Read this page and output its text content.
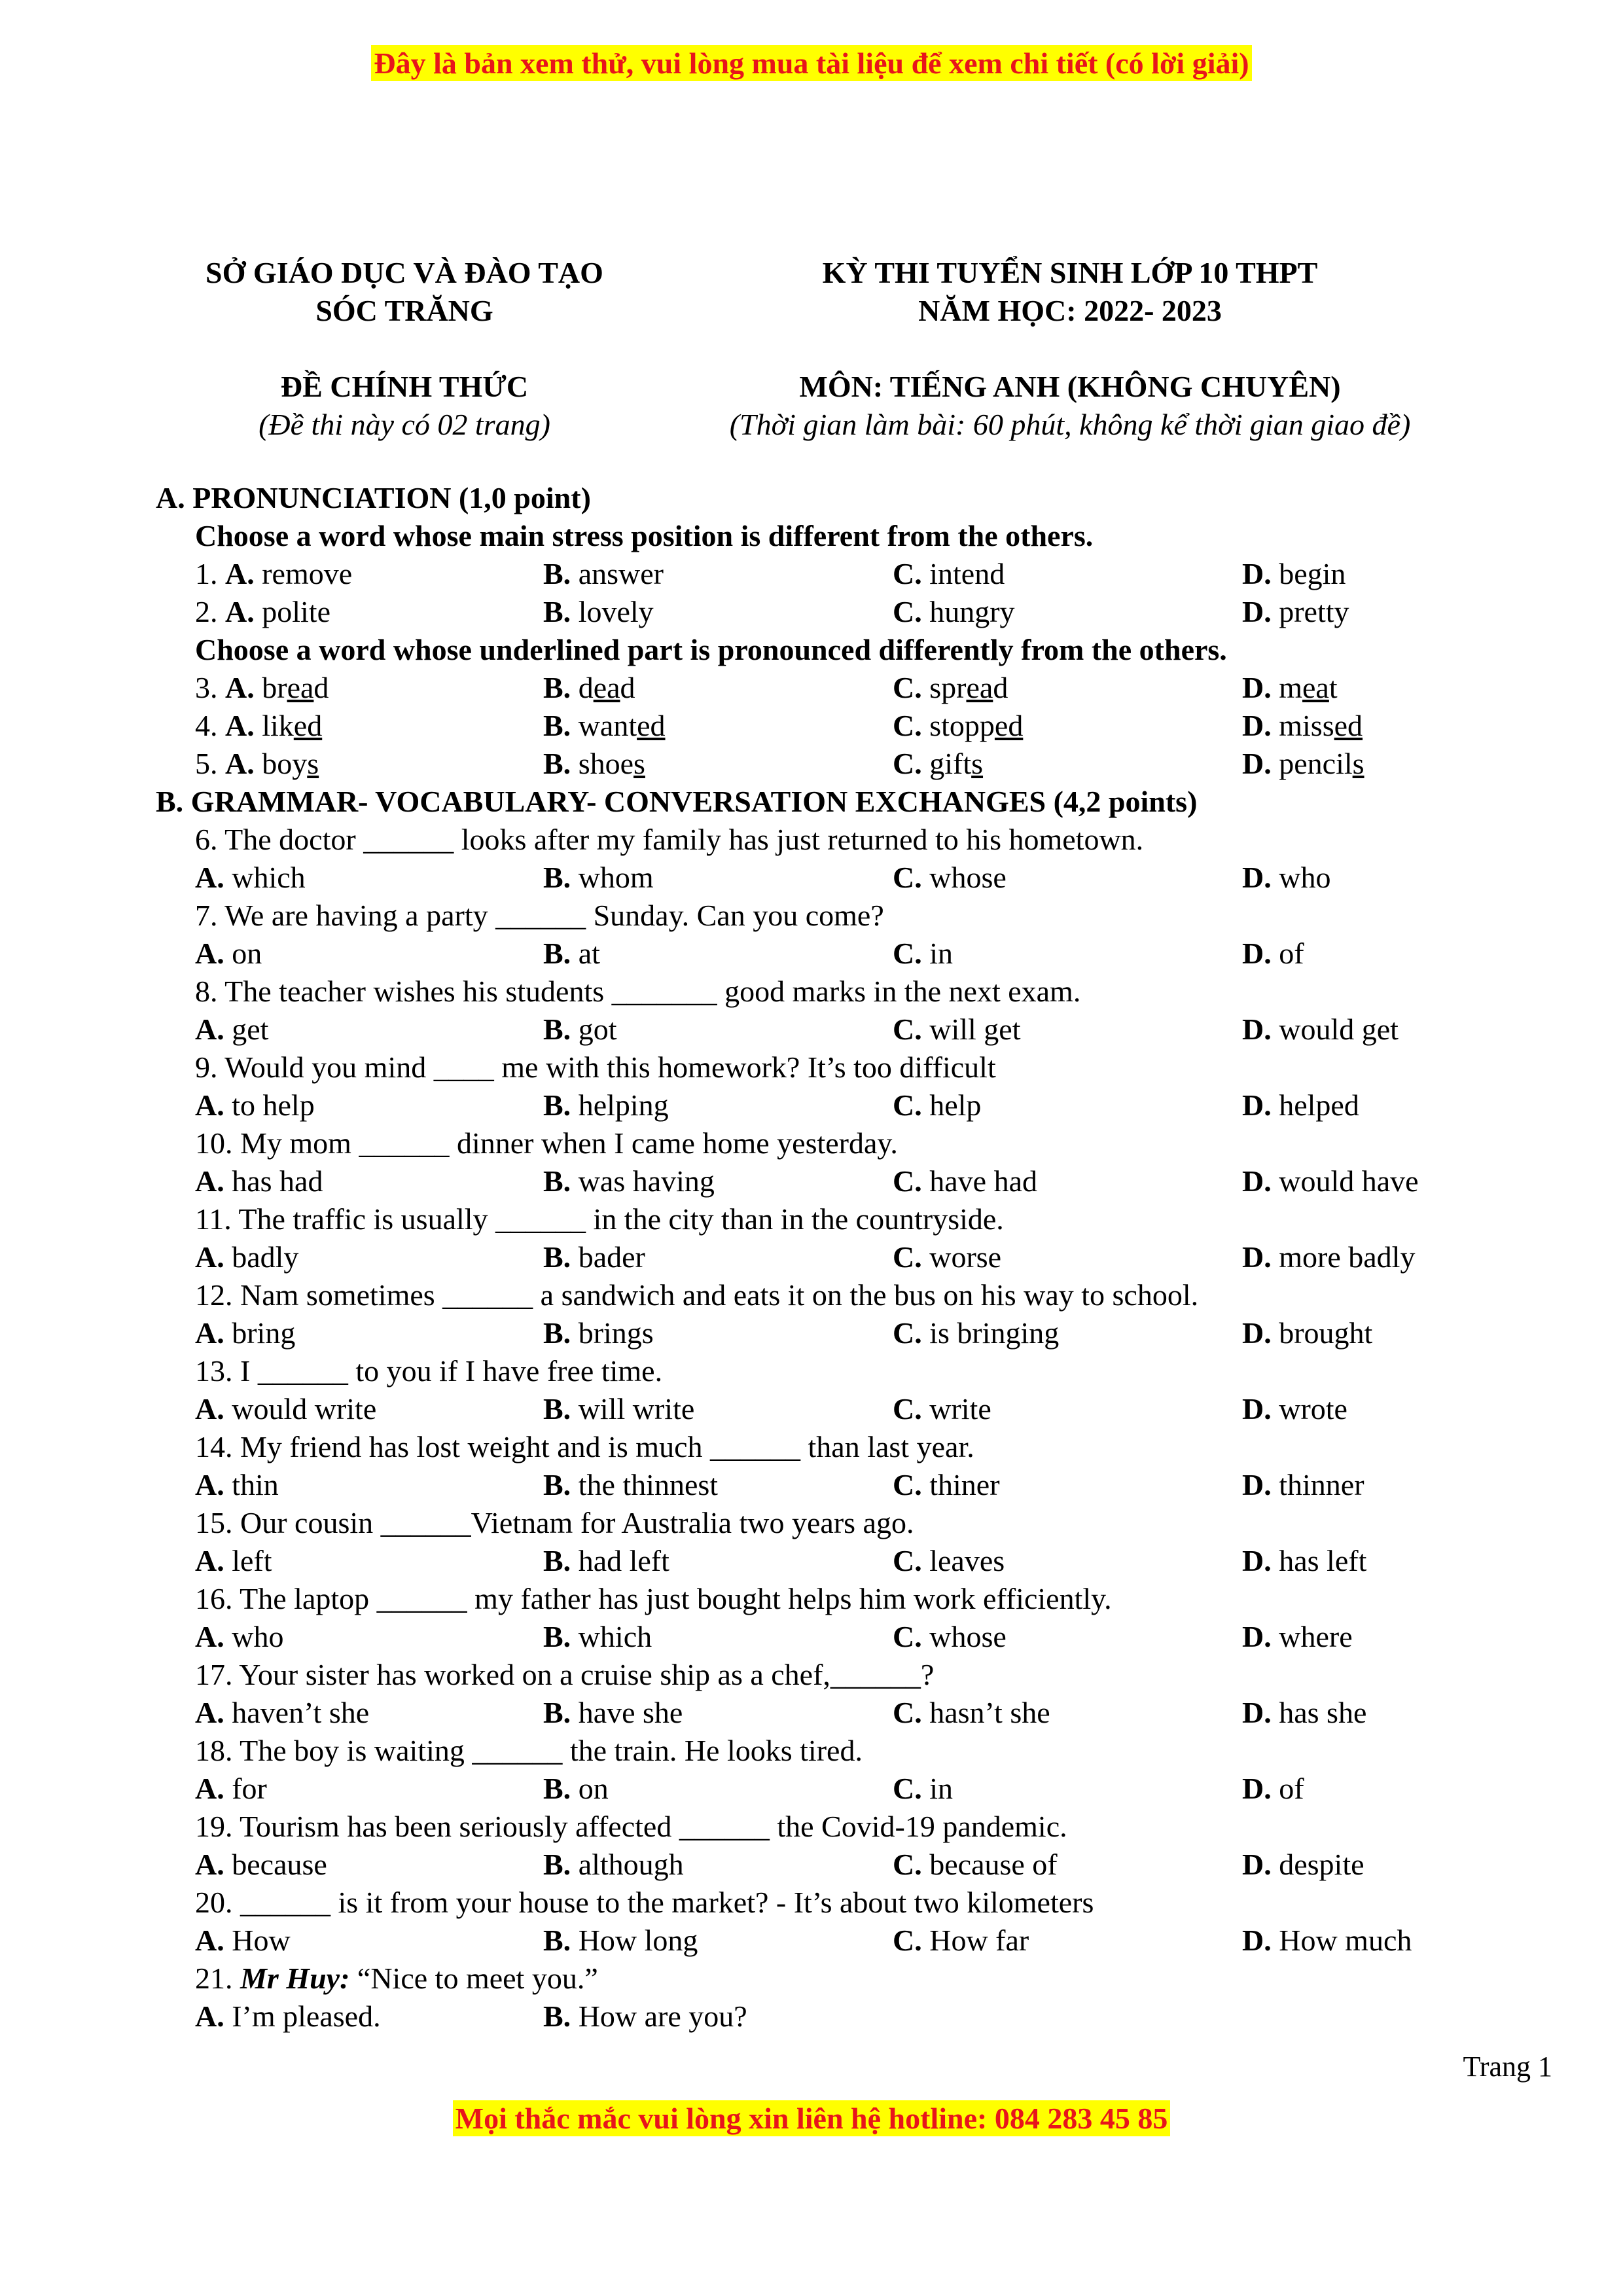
Đây là bản xem thử, vui lòng mua tài liệu để xem chi tiết (có lời giải)
SỞ GIÁO DỤC VÀ ĐÀO TẠO
SÓC TRĂNG
ĐỀ CHÍNH THỨC
(Đề thi này có 02 trang)
KỲ THI TUYỂN SINH LỚP 10 THPT
NĂM HỌC: 2022- 2023
MÔN: TIẾNG ANH (KHÔNG CHUYÊN)
(Thời gian làm bài: 60 phút, không kể thời gian giao đề)
A. PRONUNCIATION (1,0 point)
Choose a word whose main stress position is different from the others.
1. A. remove	B. answer	C. intend	D. begin
2. A. polite	B. lovely	C. hungry	D. pretty
Choose a word whose underlined part is pronounced differently from the others.
3. A. bread	B. dead	C. spread	D. meat
4. A. liked	B. wanted	C. stopped	D. missed
5. A. boys	B. shoes	C. gifts	D. pencils
B. GRAMMAR- VOCABULARY- CONVERSATION EXCHANGES (4,2 points)
6. The doctor ______ looks after my family has just returned to his hometown.
A. which	B. whom	C. whose	D. who
7. We are having a party ______ Sunday. Can you come?
A. on	B. at	C. in	D. of
8. The teacher wishes his students _______ good marks in the next exam.
A. get	B. got	C. will get	D. would get
9. Would you mind ____ me with this homework? It’s too difficult
A. to help	B. helping	C. help	D. helped
10. My mom ______ dinner when I came home yesterday.
A. has had	B. was having	C. have had	D. would have
11. The traffic is usually ______ in the city than in the countryside.
A. badly	B. bader	C. worse	D. more badly
12. Nam sometimes ______ a sandwich and eats it on the bus on his way to school.
A. bring	B. brings	C. is bringing	D. brought
13. I ______ to you if I have free time.
A. would write	B. will write	C. write	D. wrote
14. My friend has lost weight and is much ______ than last year.
A. thin	B. the thinnest	C. thiner	D. thinner
15. Our cousin ______Vietnam for Australia two years ago.
A. left	B. had left	C. leaves	D. has left
16. The laptop ______ my father has just bought helps him work efficiently.
A. who	B. which	C. whose	D. where
17. Your sister has worked on a cruise ship as a chef,______?
A. haven’t she	B. have she	C. hasn’t she	D. has she
18. The boy is waiting ______ the train. He looks tired.
A. for	B. on	C. in	D. of
19. Tourism has been seriously affected ______ the Covid-19 pandemic.
A. because	B. although	C. because of	D. despite
20. ______ is it from your house to the market? - It’s about two kilometers
A. How	B. How long	C. How far	D. How much
21. Mr Huy: “Nice to meet you.”
A. I’m pleased.	B. How are you?
Trang 1
Mọi thắc mắc vui lòng xin liên hệ hotline: 084 283 45 85
